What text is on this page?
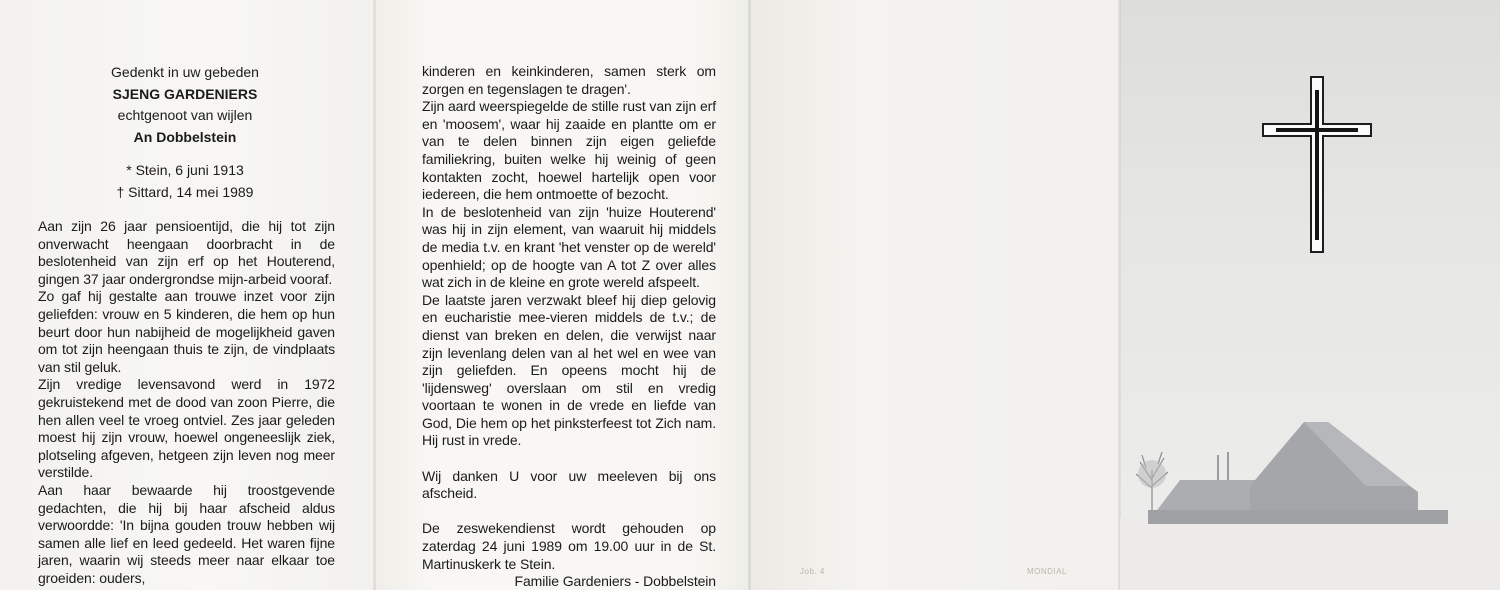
Gedenkt in uw gebeden
SJENG GARDENIERS
echtgenoot van wijlen
An Dobbelstein
* Stein, 6 juni 1913
† Sittard, 14 mei 1989

Aan zijn 26 jaar pensioentijd, die hij tot zijn onverwacht heengaan doorbracht in de beslotenheid van zijn erf op het Houterend, gingen 37 jaar ondergrondse mijn-arbeid vooraf.

Zo gaf hij gestalte aan trouwe inzet voor zijn geliefden: vrouw en 5 kinderen, die hem op hun beurt door hun nabijheid de mogelijkheid gaven om tot zijn heengaan thuis te zijn, de vindplaats van stil geluk.

Zijn vredige levensavond werd in 1972 gekruistekend met de dood van zoon Pierre, die hen allen veel te vroeg ontviel. Zes jaar geleden moest hij zijn vrouw, hoewel ongeneeslijk ziek, plotseling afgeven, hetgeen zijn leven nog meer verstilde.

Aan haar bewaarde hij troostgevende gedachten, die hij bij haar afscheid aldus verwoordde: 'In bijna gouden trouw hebben wij samen alle lief en leed gedeeld. Het waren fijne jaren, waarin wij steeds meer naar elkaar toe groeiden: ouders,

kinderen en keinkinderen, samen sterk om zorgen en tegenslagen te dragen'.

Zijn aard weerspiegelde de stille rust van zijn erf en 'moosem', waar hij zaaide en plantte om er van te delen binnen zijn eigen geliefde familiekring, buiten welke hij weinig of geen kontakten zocht, hoewel hartelijk open voor iedereen, die hem ontmoette of bezocht.

In de beslotenheid van zijn 'huize Houterend' was hij in zijn element, van waaruit hij middels de media t.v. en krant 'het venster op de wereld' openhield; op de hoogte van A tot Z over alles wat zich in de kleine en grote wereld afspeelt.

De laatste jaren verzwakt bleef hij diep gelovig en eucharistie mee-vieren middels de t.v.; de dienst van breken en delen, die verwijst naar zijn levenlang delen van al het wel en wee van zijn geliefden. En opeens mocht hij de 'lijdensweg' overslaan om stil en vredig voortaan te wonen in de vrede en liefde van God, Die hem op het pinksterfeest tot Zich nam. Hij rust in vrede.

Wij danken U voor uw meeleven bij ons afscheid.

De zeswekendienst wordt gehouden op zaterdag 24 juni 1989 om 19.00 uur in de St. Martinuskerk te Stein.

Familie Gardeniers - Dobbelstein

Job. 4	MONDIAL
